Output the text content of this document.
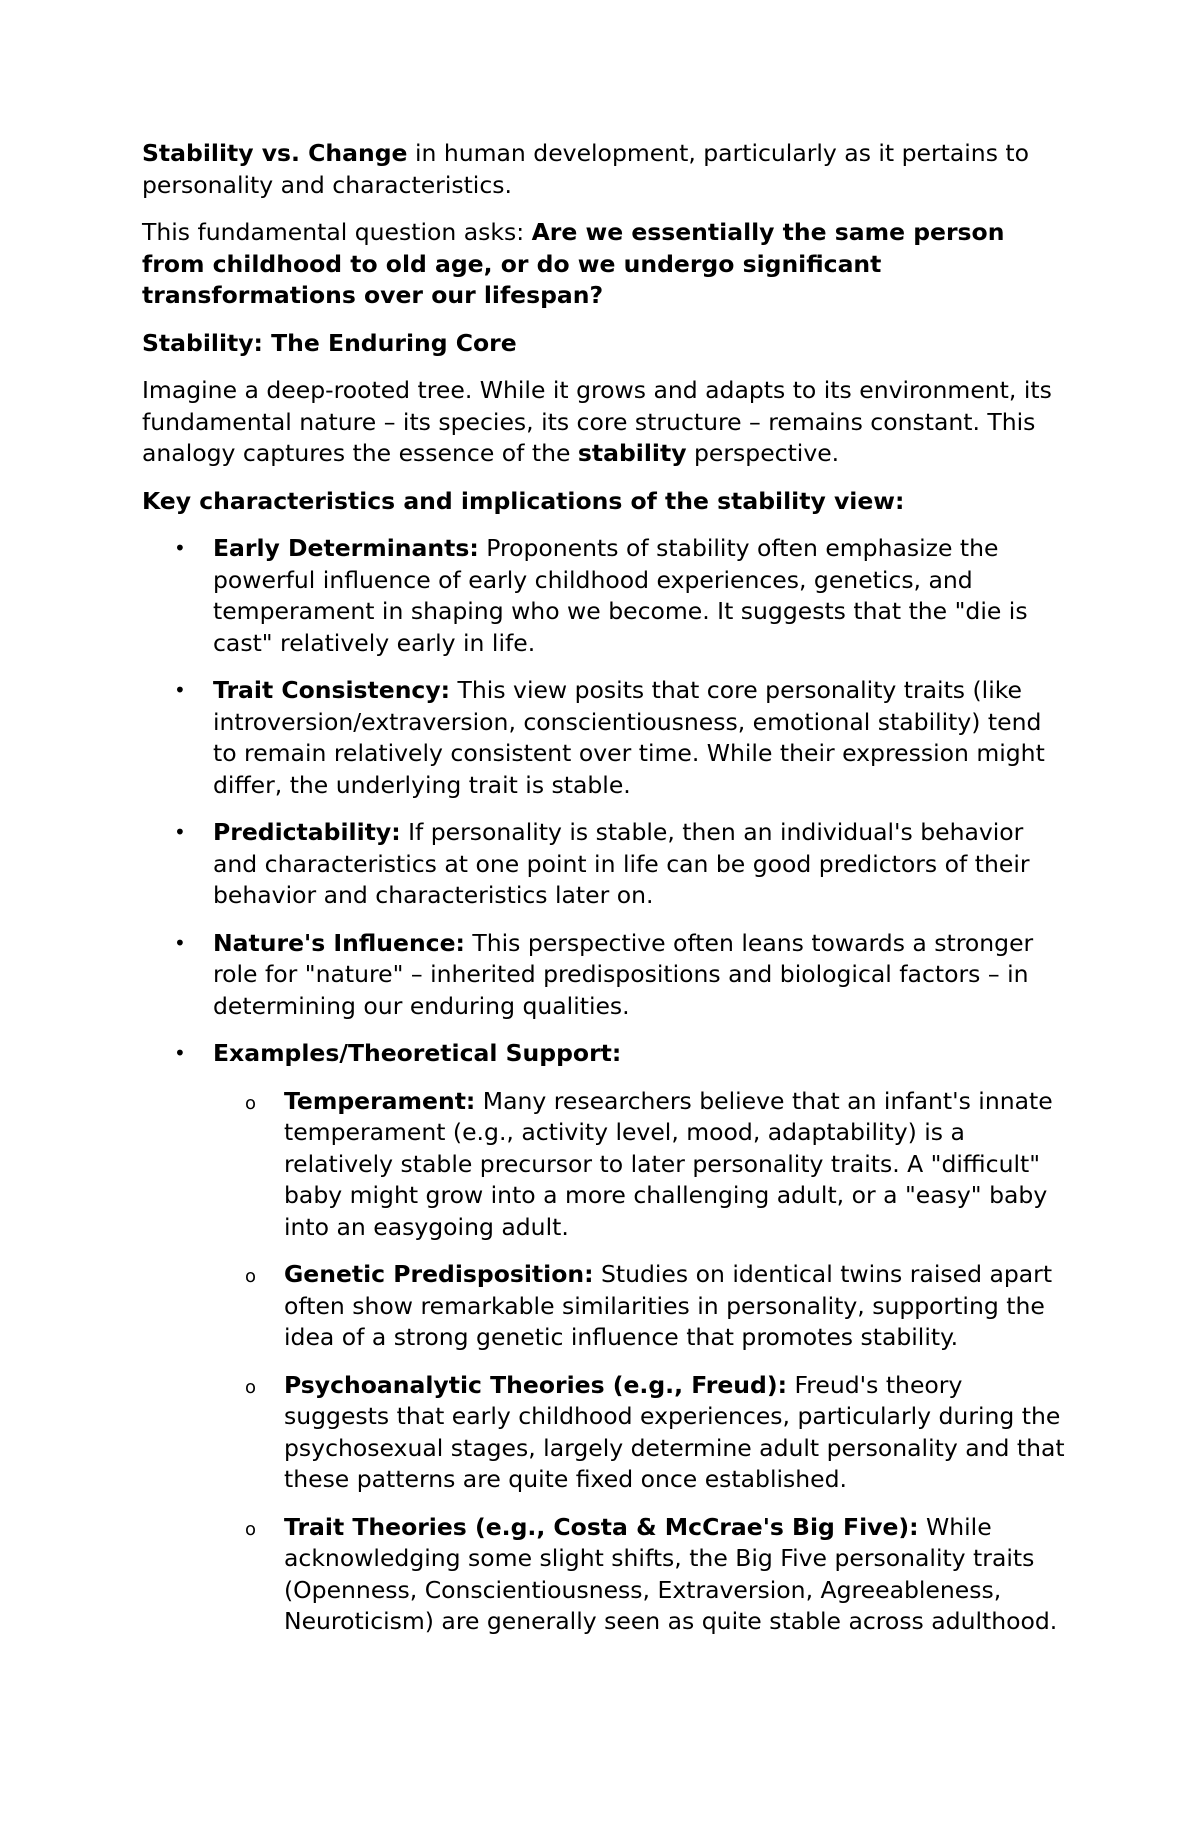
Stability vs. Change in human development, particularly as it pertains to personality and characteristics.

This fundamental question asks: Are we essentially the same person from childhood to old age, or do we undergo significant transformations over our lifespan?

Stability: The Enduring Core

Imagine a deep-rooted tree. While it grows and adapts to its environment, its fundamental nature – its species, its core structure – remains constant. This analogy captures the essence of the stability perspective.

Key characteristics and implications of the stability view:

• Early Determinants: Proponents of stability often emphasize the powerful influence of early childhood experiences, genetics, and temperament in shaping who we become. It suggests that the "die is cast" relatively early in life.
• Trait Consistency: This view posits that core personality traits (like introversion/extraversion, conscientiousness, emotional stability) tend to remain relatively consistent over time. While their expression might differ, the underlying trait is stable.
• Predictability: If personality is stable, then an individual's behavior and characteristics at one point in life can be good predictors of their behavior and characteristics later on.
• Nature's Influence: This perspective often leans towards a stronger role for "nature" – inherited predispositions and biological factors – in determining our enduring qualities.
• Examples/Theoretical Support:
o Temperament: Many researchers believe that an infant's innate temperament (e.g., activity level, mood, adaptability) is a relatively stable precursor to later personality traits. A "difficult" baby might grow into a more challenging adult, or a "easy" baby into an easygoing adult.
o Genetic Predisposition: Studies on identical twins raised apart often show remarkable similarities in personality, supporting the idea of a strong genetic influence that promotes stability.
o Psychoanalytic Theories (e.g., Freud): Freud's theory suggests that early childhood experiences, particularly during the psychosexual stages, largely determine adult personality and that these patterns are quite fixed once established.
o Trait Theories (e.g., Costa & McCrae's Big Five): While acknowledging some slight shifts, the Big Five personality traits (Openness, Conscientiousness, Extraversion, Agreeableness, Neuroticism) are generally seen as quite stable across adulthood.
